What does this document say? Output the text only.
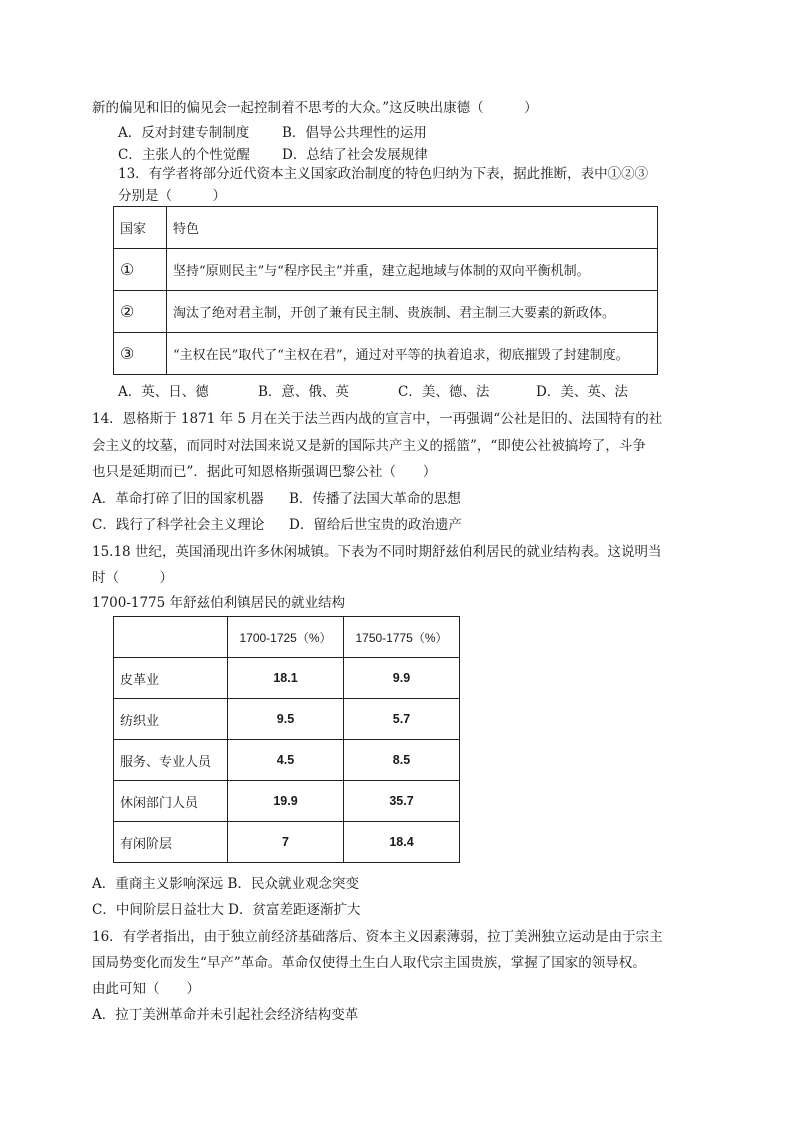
新的偏见和旧的偏见会一起控制着不思考的大众。”这反映出康德（　　　）
A．反对封建专制制度 B．倡导公共理性的运用
C．主张人的个性觉醒 D．总结了社会发展规律
13．有学者将部分近代资本主义国家政治制度的特色归纳为下表，据此推断，表中①②③
分别是（　　　）
国家	特色
①	坚持“原则民主”与“程序民主”并重，建立起地域与体制的双向平衡机制。
②	淘汰了绝对君主制，开创了兼有民主制、贵族制、君主制三大要素的新政体。
③	“主权在民”取代了“主权在君”，通过对平等的执着追求，彻底摧毁了封建制度。
A．英、日、德	B．意、俄、英	C．美、德、法	D．美、英、法
14．恩格斯于 1871 年 5 月在关于法兰西内战的宣言中，一再强调“公社是旧的、法国特有的社
会主义的坟墓，而同时对法国来说又是新的国际共产主义的摇篮”，“即使公社被搞垮了，斗争
也只是延期而已”．据此可知恩格斯强调巴黎公社（　　）
A．革命打碎了旧的国家机器 B．传播了法国大革命的思想
C．践行了科学社会主义理论 D．留给后世宝贵的政治遗产
15.18 世纪，英国涌现出许多休闲城镇。下表为不同时期舒兹伯利居民的就业结构表。这说明当
时（　　　）
1700-1775 年舒兹伯利镇居民的就业结构
	1700-1725（%）	1750-1775（%）
皮革业	18.1	9.9
纺织业	9.5	5.7
服务、专业人员	4.5	8.5
休闲部门人员	19.9	35.7
有闲阶层	7	18.4
A．重商主义影响深远 B．民众就业观念突变
C．中间阶层日益壮大 D．贫富差距逐渐扩大
16．有学者指出，由于独立前经济基础落后、资本主义因素薄弱，拉丁美洲独立运动是由于宗主
国局势变化而发生“早产”革命。革命仅使得土生白人取代宗主国贵族，掌握了国家的领导权。
由此可知（　　）
A．拉丁美洲革命并未引起社会经济结构变革
